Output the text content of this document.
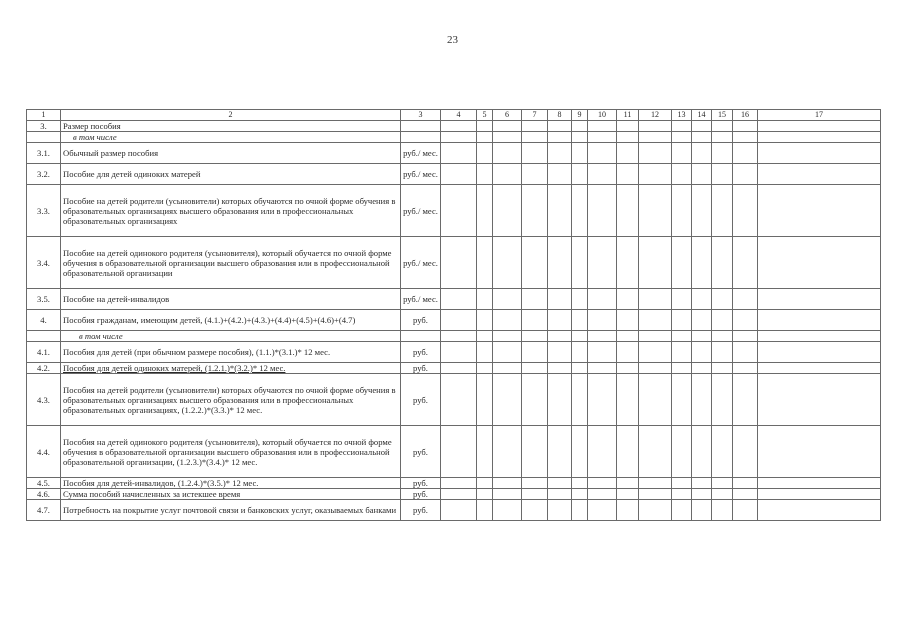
23
1	2	3	4	5	6	7	8	9	10	11	12	13	14	15	16	17
3.	Размер пособия															
	в том числе															
3.1.	Обычный размер пособия	руб./ мес.														
3.2.	Пособие для детей одиноких матерей	руб./ мес.														
3.3.	Пособие на детей родители (усыновители) которых обучаются по очной форме обучения в образовательных организациях высшего образования или в профессиональных образовательных организациях	руб./ мес.														
3.4.	Пособие на детей одинокого родителя (усыновителя), который обучается по очной форме обучения в образовательной организации высшего образования или в профессиональной образовательной организации	руб./ мес.														
3.5.	Пособие на детей-инвалидов	руб./ мес.														
4.	Пособия гражданам, имеющим детей, (4.1.)+(4.2.)+(4.3.)+(4.4)+(4.5)+(4.6)+(4.7)	руб.														
	в том числе															
4.1.	Пособия для детей (при обычном размере пособия), (1.1.)*(3.1.)* 12 мес.	руб.														
4.2.	Пособия для детей одиноких матерей, (1.2.1.)*(3.2.)* 12 мес.	руб.														
4.3.	Пособия на детей родители (усыновители) которых обучаются по очной форме обучения в образовательных организациях высшего образования или в профессиональных образовательных организациях, (1.2.2.)*(3.3.)* 12 мес.	руб.														
4.4.	Пособия на детей одинокого родителя (усыновителя), который обучается по очной форме обучения в образовательной организации высшего образования или в профессиональной образовательной организации, (1.2.3.)*(3.4.)* 12 мес.	руб.														
4.5.	Пособия для детей-инвалидов, (1.2.4.)*(3.5.)* 12 мес.	руб.														
4.6.	Сумма пособий начисленных за истекшее время	руб.														
4.7.	Потребность на покрытие услуг почтовой связи и банковских услуг, оказываемых банками	руб.														
